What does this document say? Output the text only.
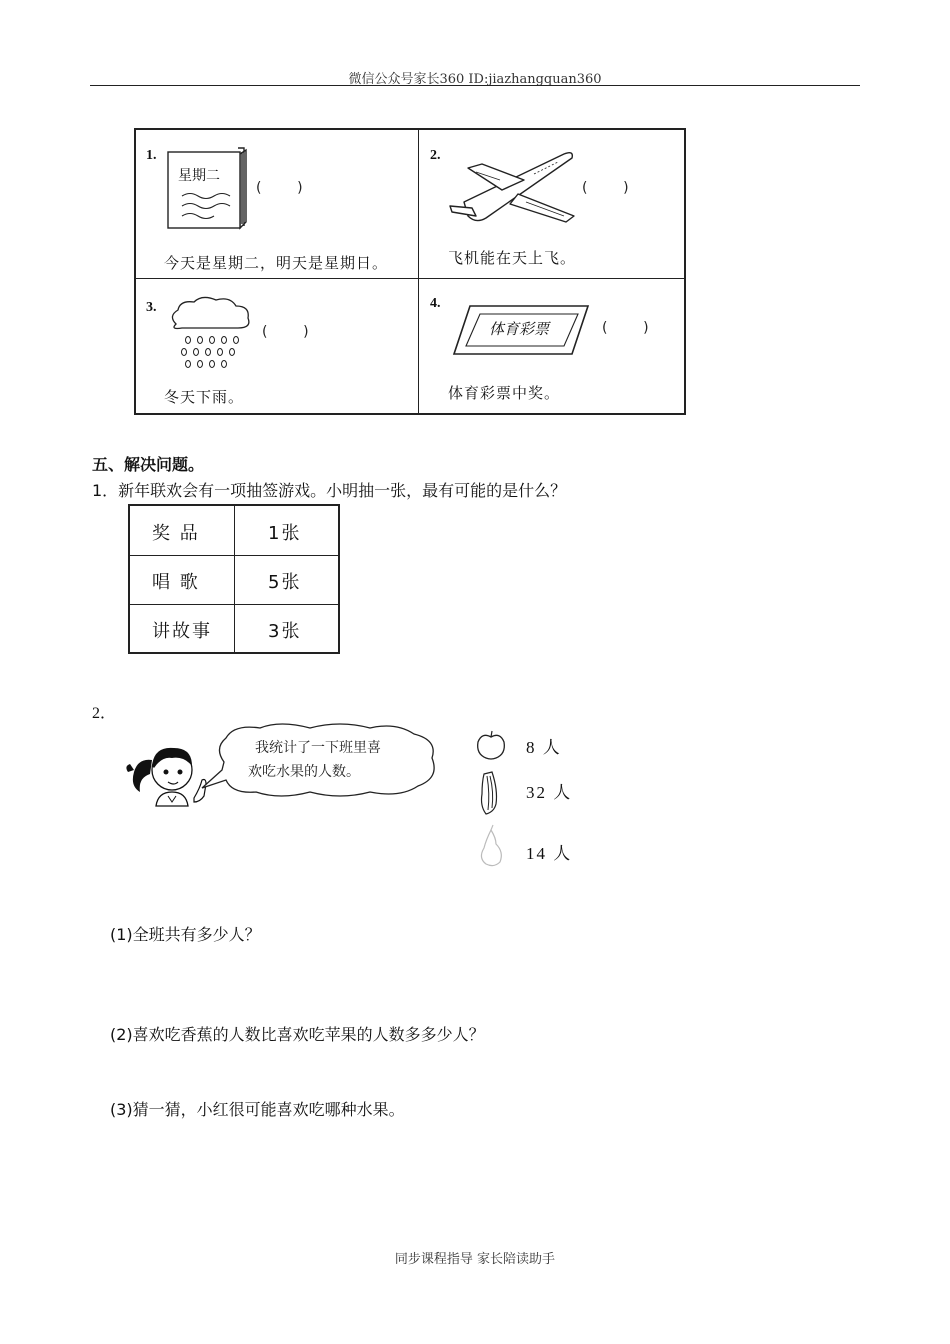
微信公众号家长360 ID:jiazhangquan360
1.
星期二
(        )
今天是星期二，明天是星期日。
2.
(        )
飞机能在天上飞。
3.
(        )
冬天下雨。
4.
体育彩票	(        )
体育彩票中奖。
五、解决问题。
1．新年联欢会有一项抽签游戏。小明抽一张，最有可能的是什么？
奖 品	1张
唱 歌	5张
讲故事	3张
2．
我统计了一下班里喜
欢吃水果的人数。
8 人
32 人
14 人
(1)全班共有多少人？
(2)喜欢吃香蕉的人数比喜欢吃苹果的人数多多少人？
(3)猜一猜，小红很可能喜欢吃哪种水果。
同步课程指导 家长陪读助手
